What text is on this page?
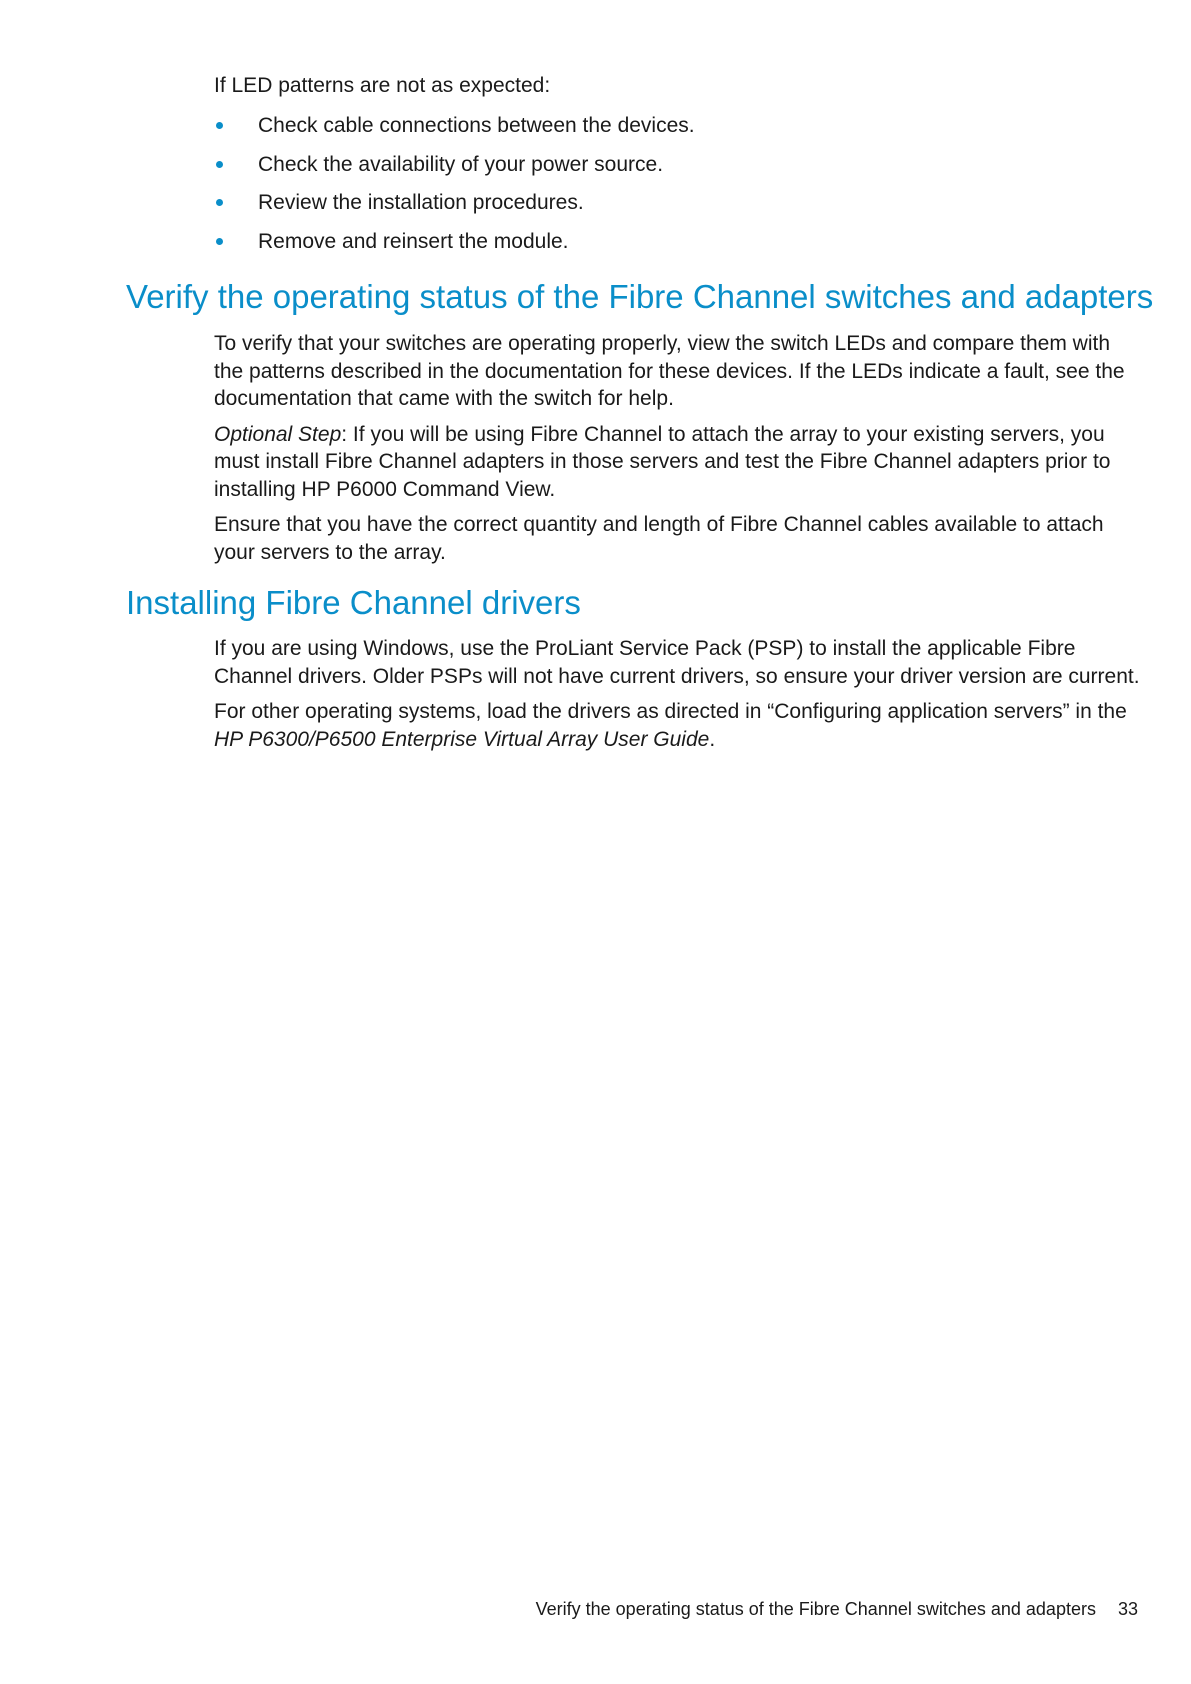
If LED patterns are not as expected:

Check cable connections between the devices.
Check the availability of your power source.
Review the installation procedures.
Remove and reinsert the module.
Verify the operating status of the Fibre Channel switches and adapters

To verify that your switches are operating properly, view the switch LEDs and compare them with the patterns described in the documentation for these devices. If the LEDs indicate a fault, see the documentation that came with the switch for help.

Optional Step: If you will be using Fibre Channel to attach the array to your existing servers, you must install Fibre Channel adapters in those servers and test the Fibre Channel adapters prior to installing HP P6000 Command View.

Ensure that you have the correct quantity and length of Fibre Channel cables available to attach your servers to the array.

Installing Fibre Channel drivers

If you are using Windows, use the ProLiant Service Pack (PSP) to install the applicable Fibre Channel drivers. Older PSPs will not have current drivers, so ensure your driver version are current.

For other operating systems, load the drivers as directed in “Configuring application servers” in the HP P6300/P6500 Enterprise Virtual Array User Guide.

Verify the operating status of the Fibre Channel switches and adapters 33
